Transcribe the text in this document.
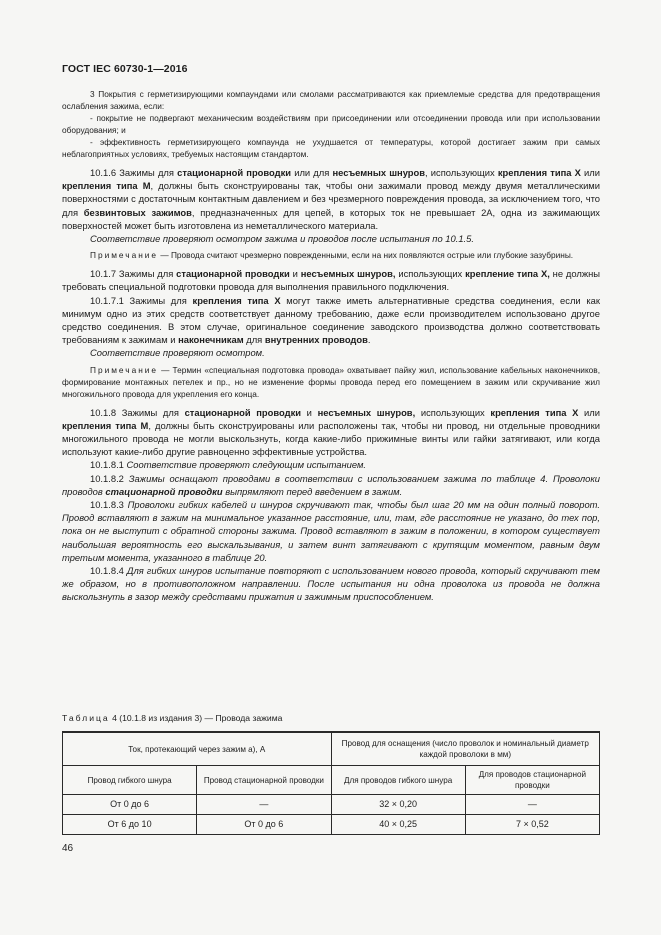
ГОСТ IEC 60730-1—2016

3 Покрытия с герметизирующими компаундами или смолами рассматриваются как приемлемые средства для предотвращения ослабления зажима, если:

- покрытие не подвергают механическим воздействиям при присоединении или отсоединении провода или при использовании оборудования; и

- эффективность герметизирующего компаунда не ухудшается от температуры, которой достигает зажим при самых неблагоприятных условиях, требуемых настоящим стандартом.

10.1.6 Зажимы для стационарной проводки или для несъемных шнуров, использующих крепления типа X или крепления типа М, должны быть сконструированы так, чтобы они зажимали провод между двумя металлическими поверхностями с достаточным контактным давлением и без чрезмерного повреждения провода, за исключением того, что для безвинтовых зажимов, предназначенных для цепей, в которых ток не превышает 2А, одна из зажимающих поверхностей может быть изготовлена из неметаллического материала.

Соответствие проверяют осмотром зажима и проводов после испытания по 10.1.5.

Примечание — Провода считают чрезмерно поврежденными, если на них появляются острые или глубокие зазубрины.

10.1.7 Зажимы для стационарной проводки и несъемных шнуров, использующих крепление типа X, не должны требовать специальной подготовки провода для выполнения правильного подключения.

10.1.7.1 Зажимы для крепления типа X могут также иметь альтернативные средства соединения, если как минимум одно из этих средств соответствует данному требованию, даже если производителем использовано другое средство соединения. В этом случае, оригинальное соединение заводского производства должно соответствовать требованиям к зажимам и наконечникам для внутренних проводов.

Соответствие проверяют осмотром.

Примечание — Термин «специальная подготовка провода» охватывает пайку жил, использование кабельных наконечников, формирование монтажных петелек и пр., но не изменение формы провода перед его помещением в зажим или скручивание жил многожильного провода для укрепления его конца.

10.1.8 Зажимы для стационарной проводки и несъемных шнуров, использующих крепления типа X или крепления типа М, должны быть сконструированы или расположены так, чтобы ни провод, ни отдельные проводники многожильного провода не могли выскользнуть, когда какие-либо прижимные винты или гайки затягивают, или когда используют какие-либо другие равноценно эффективные устройства.

10.1.8.1 Соответствие проверяют следующим испытанием.

10.1.8.2 Зажимы оснащают проводами в соответствии с использованием зажима по таблице 4. Проволоки проводов стационарной проводки выпрямляют перед введением в зажим.

10.1.8.3 Проволоки гибких кабелей и шнуров скручивают так, чтобы был шаг 20 мм на один полный поворот. Провод вставляют в зажим на минимальное указанное расстояние, или, там, где расстояние не указано, до тех пор, пока он не выступит с обратной стороны зажима. Провод вставляют в зажим в положении, в котором существует наибольшая вероятность его выскальзывания, и затем винт затягивают с крутящим моментом, равным двум третьим момента, указанного в таблице 20.

10.1.8.4 Для гибких шнуров испытание повторяют с использованием нового провода, который скручивают тем же образом, но в противоположном направлении. После испытания ни одна проволока из провода не должна выскользнуть в зазор между средствами прижатия и зажимным приспособлением.

Таблица 4 (10.1.8 из издания 3) — Провода зажима
Ток, протекающий через зажим а), А		Провод для оснащения (число проволок и номинальный диаметр каждой проволоки в мм)	
Провод гибкого шнура	Провод стационарной проводки	Для проводов гибкого шнура	Для проводов стационарной проводки
От 0 до 6	—	32 × 0,20	—
От 6 до 10	От 0 до 6	40 × 0,25	7 × 0,52
46
